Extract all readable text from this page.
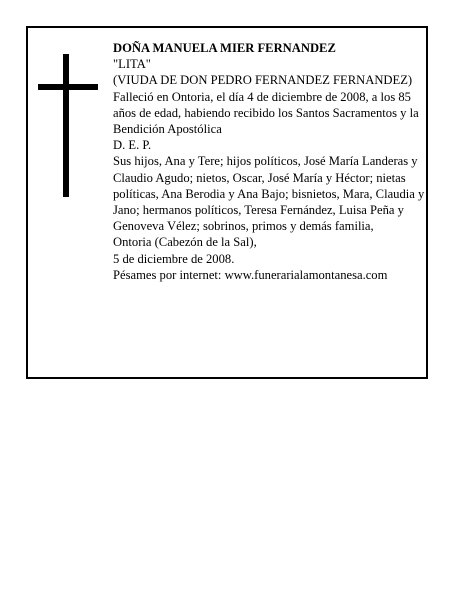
DOÑA MANUELA MIER FERNANDEZ

"LITA"

(VIUDA DE DON PEDRO FERNANDEZ FERNANDEZ)

Falleció en Ontoria, el día 4 de diciembre de 2008, a los 85 años de edad, habiendo recibido los Santos Sacramentos y la Bendición Apostólica

D. E. P.

Sus hijos, Ana y Tere; hijos políticos, José María Landeras y Claudio Agudo; nietos, Oscar, José María y Héctor; nietas políticas, Ana Berodia y Ana Bajo; bisnietos, Mara, Claudia y Jano; hermanos políticos, Teresa Fernández, Luisa Peña y Genoveva Vélez; sobrinos, primos y demás familia,

Ontoria (Cabezón de la Sal),

5 de diciembre de 2008.

Pésames por internet: www.funerarialamontanesa.com
